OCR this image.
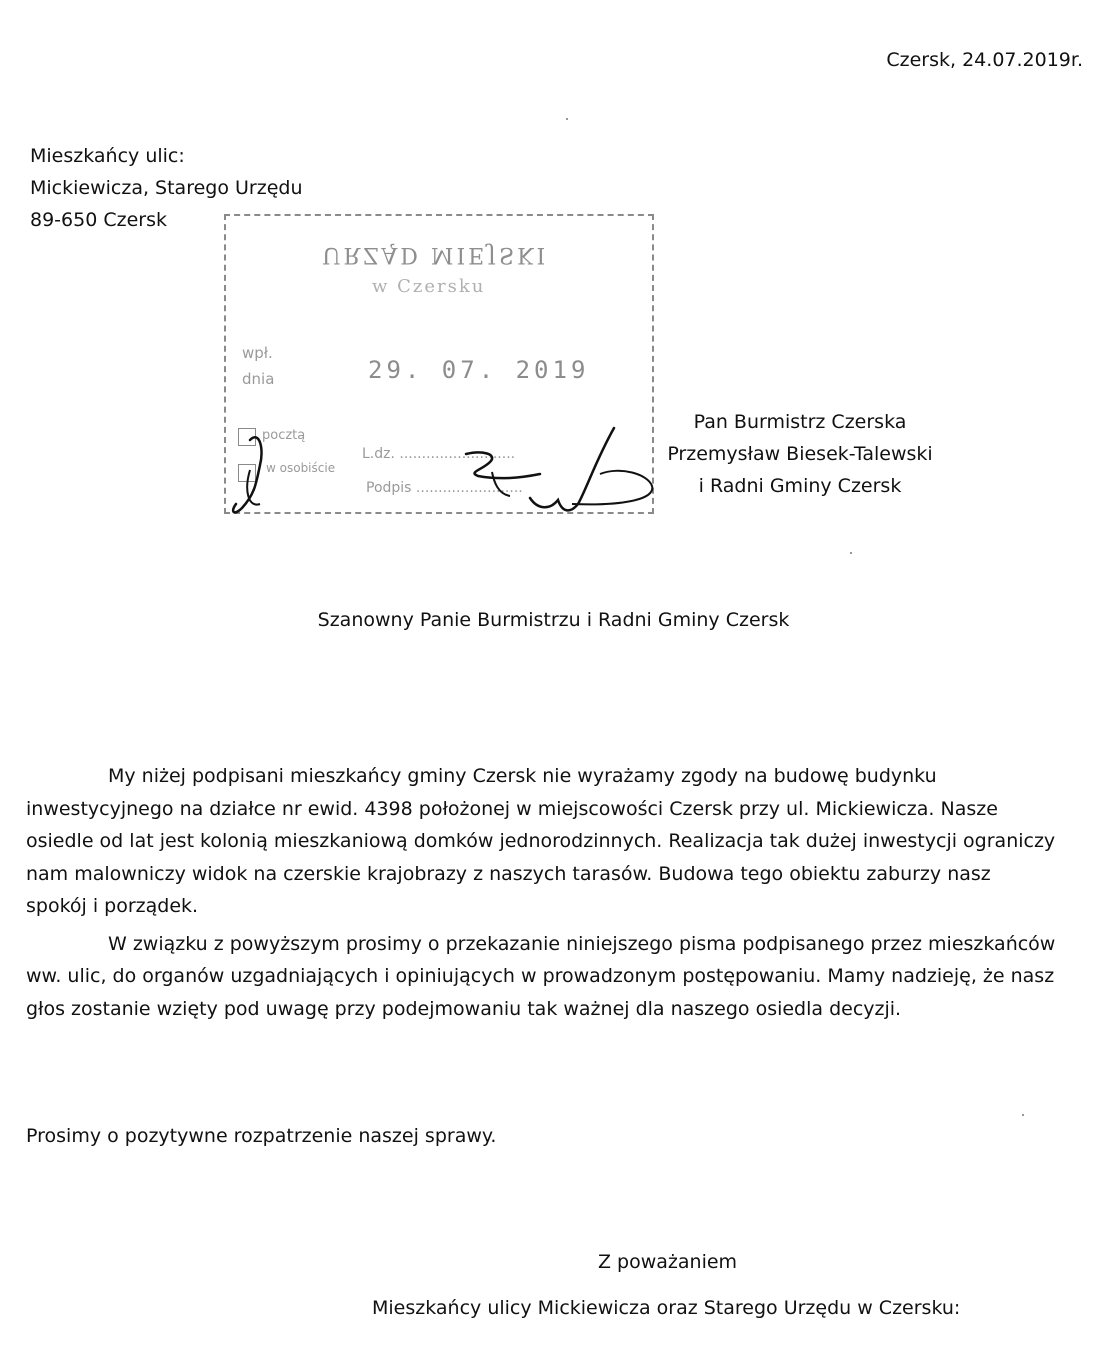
Czersk, 24.07.2019r.
Mieszkańcy ulic:
Mickiewicza, Starego Urzędu
89-650 Czersk
URZĄD MIEJSKI
w Czersku
wpł.
dnia	29. 07. 2019
pocztą
w osobiście
L.dz. ..........................
Podpis ........................
Pan Burmistrz Czerska
Przemysław Biesek-Talewski
i Radni Gminy Czersk
Szanowny Panie Burmistrzu i Radni Gminy Czersk

My niżej podpisani mieszkańcy gminy Czersk nie wyrażamy zgody na budowę budynku inwestycyjnego na działce nr ewid. 4398 położonej w miejscowości Czersk przy ul. Mickiewicza. Nasze osiedle od lat jest kolonią mieszkaniową domków jednorodzinnych. Realizacja tak dużej inwestycji ograniczy nam malowniczy widok na czerskie krajobrazy z naszych tarasów. Budowa tego obiektu zaburzy nasz spokój i porządek.

W związku z powyższym prosimy o przekazanie niniejszego pisma podpisanego przez mieszkańców ww. ulic, do organów uzgadniających i opiniujących w prowadzonym postępowaniu. Mamy nadzieję, że nasz głos zostanie wzięty pod uwagę przy podejmowaniu tak ważnej dla naszego osiedla decyzji.

Prosimy o pozytywne rozpatrzenie naszej sprawy.
Z poważaniem
Mieszkańcy ulicy Mickiewicza oraz Starego Urzędu w Czersku:
